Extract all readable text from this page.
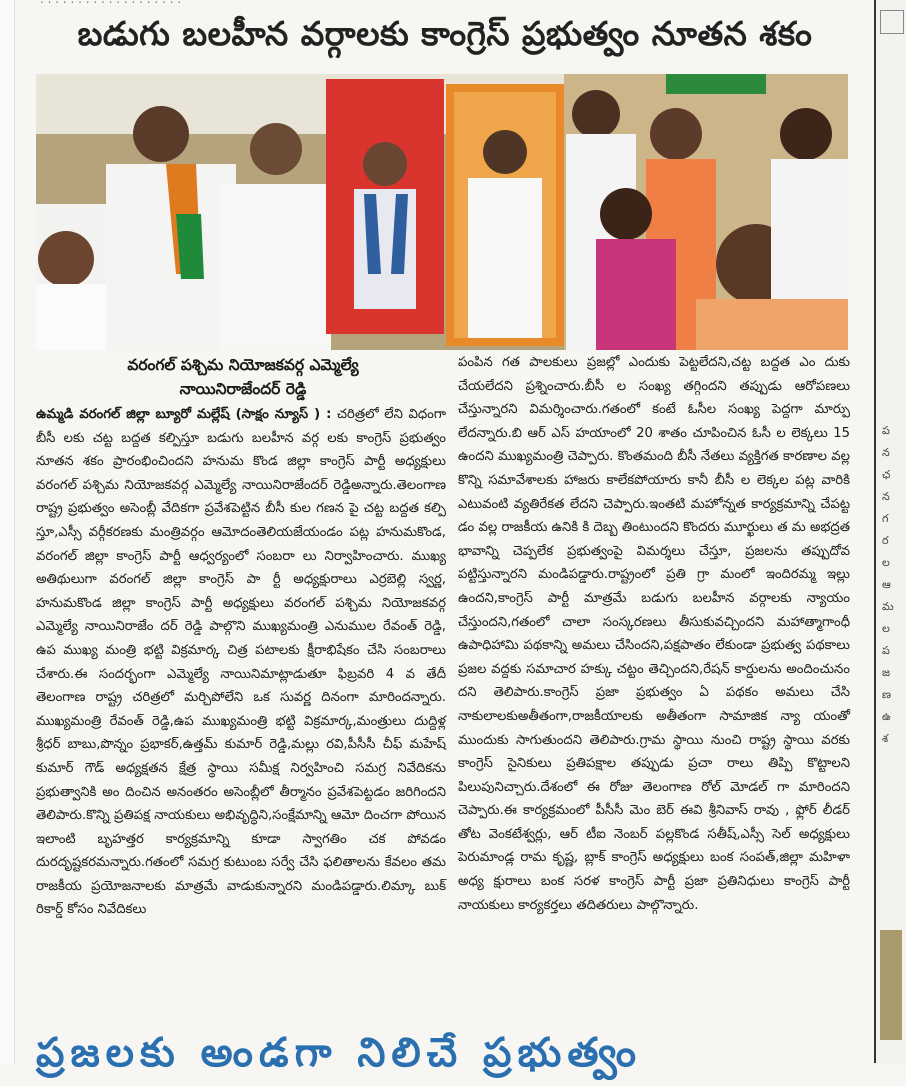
బడుగు బలహీన వర్గాలకు కాంగ్రెస్ ప్రభుత్వం నూతన శకం
వరంగల్ పశ్చిమ నియోజకవర్గ ఎమ్మెల్యే
నాయినిరాజేందర్ రెడ్డి

ఉమ్మడి వరంగల్ జిల్లా బ్యూరో మల్లేష్ (సాక్షం న్యూస్ ) : చరిత్రలో లేని విధంగా బీసీ లకు చట్ట బద్దత కల్పిస్తూ బడుగు బలహీన వర్గ లకు కాంగ్రెస్ ప్రభుత్వం నూతన శకం ప్రారంభించిందని హనుమ కొండ జిల్లా కాంగ్రెస్ పార్టీ అధ్యక్షులు వరంగల్ పశ్చిమ నియోజకవర్గ ఎమ్మెల్యే నాయినిరాజేందర్ రెడ్డిఅన్నారు.తెలంగాణ రాష్ట్ర ప్రభుత్వం అసెంబ్లీ వేదికగా ప్రవేశపెట్టిన బీసీ కుల గణన పై చట్ట బద్దత కల్పి స్తూ,ఎస్సీ వర్గీకరణకు మంత్రివర్గం ఆమోదంతెలియజేయండం పట్ల హనుమకొండ, వరంగల్ జిల్లా కాంగ్రెస్ పార్టీ ఆధ్వర్యంలో సంబరా లు నిర్వాహించారు. ముఖ్య అతిథులుగా వరంగల్ జిల్లా కాంగ్రెస్ పా ర్టీ అధ్యక్షురాలు ఎర్రబెల్లి స్వర్ణ, హనుమకొండ జిల్లా కాంగ్రెస్ పార్టీ అధ్యక్షులు వరంగల్ పశ్చిమ నియోజకవర్గ ఎమ్మెల్యే నాయినిరాజేం దర్ రెడ్డి పాల్గొని ముఖ్యమంత్రి ఎనుముల రేవంత్ రెడ్డి, ఉప ముఖ్య మంత్రి భట్టి విక్రమార్క చిత్ర పటాలకు క్షీరాభిషేకం చేసి సంబరాలు చేశారు.ఈ సందర్భంగా ఎమ్మెల్యే నాయినిమాట్లాడుతూ ఫిబ్రవరి 4 వ తేదీ తెలంగాణ రాష్ట్ర చరిత్రలో మర్చిపోలేని ఒక సువర్ణ దినంగా మారిందన్నారు. ముఖ్యమంత్రి రేవంత్ రెడ్డి,ఉప ముఖ్యమంత్రి భట్టి విక్రమార్క,మంత్రులు దుద్దిళ్ల శ్రీధర్ బాబు,పొన్నం ప్రభాకర్,ఉత్తమ్ కుమార్ రెడ్డి,మల్లు రవి,పీసీసీ చీఫ్ మహేష్ కుమార్ గౌడ్ అధ్యక్షతన క్షేత్ర స్థాయి సమీక్ష నిర్వహించి సమగ్ర నివేదికను ప్రభుత్వానికి అం దించిన అనంతరం అసెంబ్లీలో తీర్మానం ప్రవేశపెట్టడం జరిగిందని తెలిపారు.కొన్ని ప్రతిపక్ష నాయకులు అభివృద్ధిని,సంక్షేమాన్ని ఆమో దించగా పోయిన ఇలాంటి బృహత్తర కార్యక్రమాన్ని కూడా స్వాగతిం చక పోవడం దురదృష్టకరమన్నారు.గతంలో సమగ్ర కుటుంబ సర్వే చేసి ఫలితాలను కేవలం తమ రాజకీయ ప్రయోజనాలకు మాత్రమే వాడుకున్నారని మండిపడ్డారు.లిమ్కా బుక్ రికార్డ్ కోసం నివేదికలు

పంపిన గత పాలకులు ప్రజల్లో ఎందుకు పెట్టలేదని,చట్ట బద్దత ఎం దుకు చేయలేదని ప్రశ్నించారు.బీసీ ల సంఖ్య తగ్గిందని తప్పుడు ఆరోపణలు చేస్తున్నారని విమర్శించారు.గతంలో కంటే ఓసీల సంఖ్య పెద్దగా మార్పు లేదన్నారు.బి ఆర్ ఎస్ హయాంలో 20 శాతం చూపించిన ఓసీ ల లెక్కలు 15 ఉందని ముఖ్యమంత్రి చెప్పారు. కొంతమంది బీసీ నేతలు వ్యక్తిగత కారణాల వల్ల కొన్ని సమావేశాలకు హాజరు కాలేకపోయారు కానీ బీసీ ల లెక్కల పట్ల వారికి ఎటువంటి వ్యతిరేకత లేదని చెప్పారు.ఇంతటి మహోన్నత కార్యక్రమాన్ని చేపట్ట డం వల్ల రాజకీయ ఉనికి కి దెబ్బ తింటుందని కొందరు మూర్ఖులు త మ అభద్రత భావాన్ని చెప్పలేక ప్రభుత్వంపై విమర్శలు చేస్తూ, ప్రజలను తప్పుదోవ పట్టిస్తున్నారని మండిపడ్డారు.రాష్ట్రంలో ప్రతి గ్రా మంలో ఇందిరమ్మ ఇల్లు ఉందని,కాంగ్రెస్ పార్టీ మాత్రమే బడుగు బలహీన వర్గాలకు న్యాయం చేస్తుందని,గతంలో చాలా సంస్కరణలు తీసుకువచ్చిందని మహాత్మాగాంధీ ఉపాధిహామి పథకాన్ని అమలు చేసిందని,పక్షపాతం లేకుండా ప్రభుత్వ పథకాలు ప్రజల వద్దకు సమాచార హక్కు చట్టం తెచ్చిందని,రేషన్ కార్డులను అందించునం దని తెలిపారు.కాంగ్రెస్ ప్రజా ప్రభుత్వం ఏ పథకం అమలు చేసి నాకులాలకుఅతీతంగా,రాజకీయాలకు అతీతంగా సామాజిక న్యా యంతో ముందుకు సాగుతుందని తెలిపారు.గ్రామ స్థాయి నుంచి రాష్ట్ర స్థాయి వరకు కాంగ్రెస్ సైనికులు ప్రతిపక్షాల తప్పుడు ప్రచా రాలు తిప్పి కొట్టాలని పిలుపునిచ్చారు.దేశంలో ఈ రోజు తెలంగాణ రోల్ మోడల్ గా మారిందని చెప్పారు.ఈ కార్యక్రమంలో పీసీసీ మెం బెర్ ఈవి శ్రీనివాస్ రావు , ఫ్లోర్ లీడర్ తోట వెంకటేశ్వర్లు, ఆర్ టీఐ నెంబర్ పల్లకొండ సతీష్,ఎస్సీ సెల్ అధ్యక్షులు పెరుమాండ్ల రామ కృష్ణ, బ్లాక్ కాంగ్రెస్ అధ్యక్షులు బంక సంపత్,జిల్లా మహిళా అధ్య క్షురాలు బంక సరళ కాంగ్రెస్ పార్టీ ప్రజా ప్రతినిధులు కాంగ్రెస్ పార్టీ నాయకులు కార్యకర్తలు తదితరులు పాల్గొన్నారు.

ప
న
ఛ
న
గ
ర
ల
ఆ
మ
ల
ప
జ
ణ
ఉ
శ
ప్రజలకు అండగా నిలిచే ప్రభుత్వం
